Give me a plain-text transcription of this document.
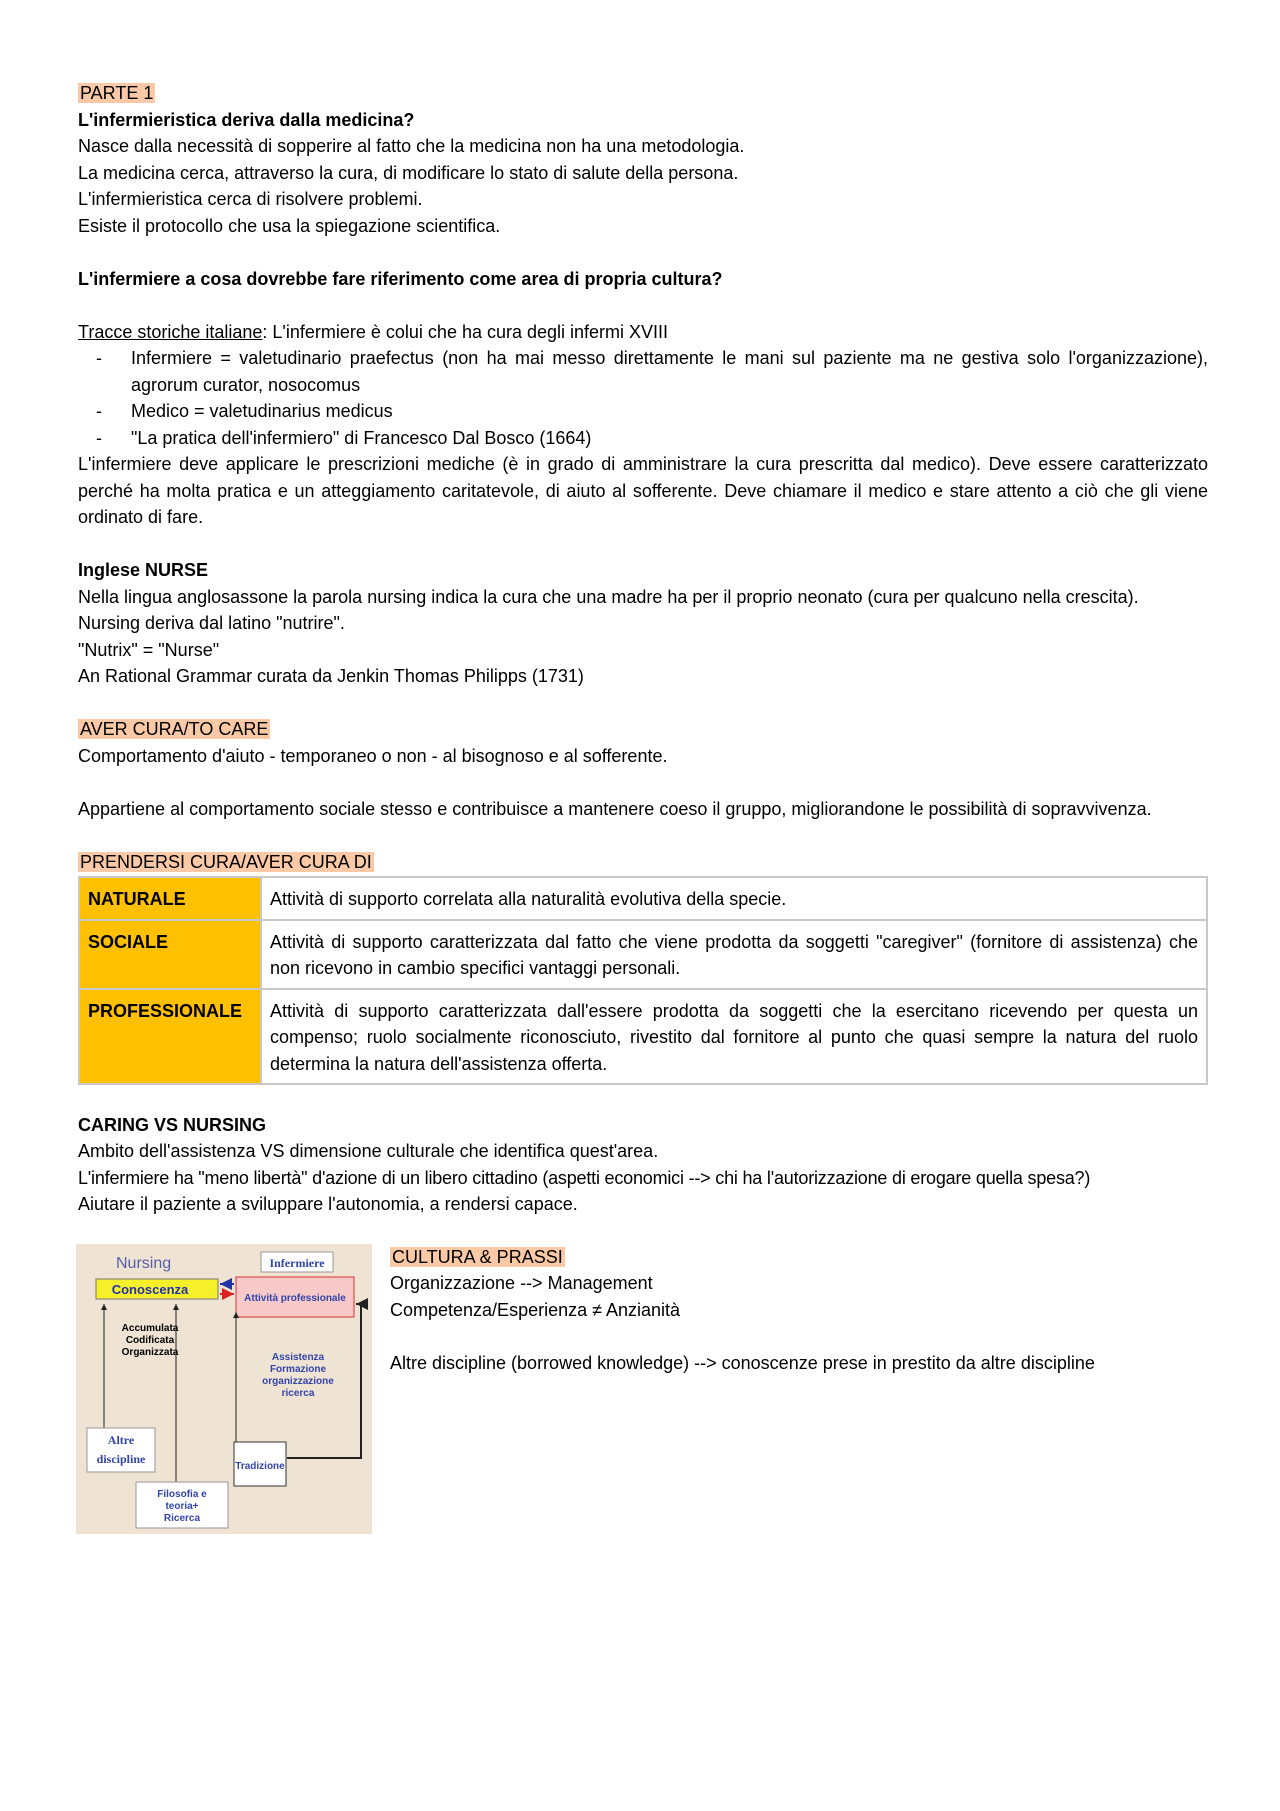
PARTE 1

L'infermieristica deriva dalla medicina?

Nasce dalla necessità di sopperire al fatto che la medicina non ha una metodologia.

La medicina cerca, attraverso la cura, di modificare lo stato di salute della persona.

L'infermieristica cerca di risolvere problemi.

Esiste il protocollo che usa la spiegazione scientifica.

L'infermiere a cosa dovrebbe fare riferimento come area di propria cultura?

Tracce storiche italiane: L'infermiere è colui che ha cura degli infermi XVIII

- Infermiere = valetudinario praefectus (non ha mai messo direttamente le mani sul paziente ma ne gestiva solo l'organizzazione), agrorum curator, nosocomus
- Medico = valetudinarius medicus
- "La pratica dell'infermiero" di Francesco Dal Bosco (1664)

L'infermiere deve applicare le prescrizioni mediche (è in grado di amministrare la cura prescritta dal medico). Deve essere caratterizzato perché ha molta pratica e un atteggiamento caritatevole, di aiuto al sofferente. Deve chiamare il medico e stare attento a ciò che gli viene ordinato di fare.

Inglese NURSE

Nella lingua anglosassone la parola nursing indica la cura che una madre ha per il proprio neonato (cura per qualcuno nella crescita).

Nursing deriva dal latino "nutrire".

"Nutrix" = "Nurse"

An Rational Grammar curata da Jenkin Thomas Philipps (1731)

AVER CURA/TO CARE

Comportamento d'aiuto - temporaneo o non - al bisognoso e al sofferente.

Appartiene al comportamento sociale stesso e contribuisce a mantenere coeso il gruppo, migliorandone le possibilità di sopravvivenza.

PRENDERSI CURA/AVER CURA DI

NATURALE	Attività di supporto correlata alla naturalità evolutiva della specie.
SOCIALE	Attività di supporto caratterizzata dal fatto che viene prodotta da soggetti "caregiver" (fornitore di assistenza) che non ricevono in cambio specifici vantaggi personali.
PROFESSIONALE	Attività di supporto caratterizzata dall'essere prodotta da soggetti che la esercitano ricevendo per questa un compenso; ruolo socialmente riconosciuto, rivestito dal fornitore al punto che quasi sempre la natura del ruolo determina la natura dell'assistenza offerta.

CARING VS NURSING

Ambito dell'assistenza VS dimensione culturale che identifica quest'area.

L'infermiere ha "meno libertà" d'azione di un libero cittadino (aspetti economici --> chi ha l'autorizzazione di erogare quella spesa?)

Aiutare il paziente a sviluppare l'autonomia, a rendersi capace.

Nursing	Infermiere
Conoscenza
Attività professionale
Accumulata
Codificata
Organizzata	Assistenza
Formazione
organizzazione
ricerca
Altre
discipline
Tradizione
Filosofia e
teoria+
Ricerca

CULTURA & PRASSI

Organizzazione --> Management

Competenza/Esperienza ≠ Anzianità

Altre discipline (borrowed knowledge) --> conoscenze prese in prestito da altre discipline
